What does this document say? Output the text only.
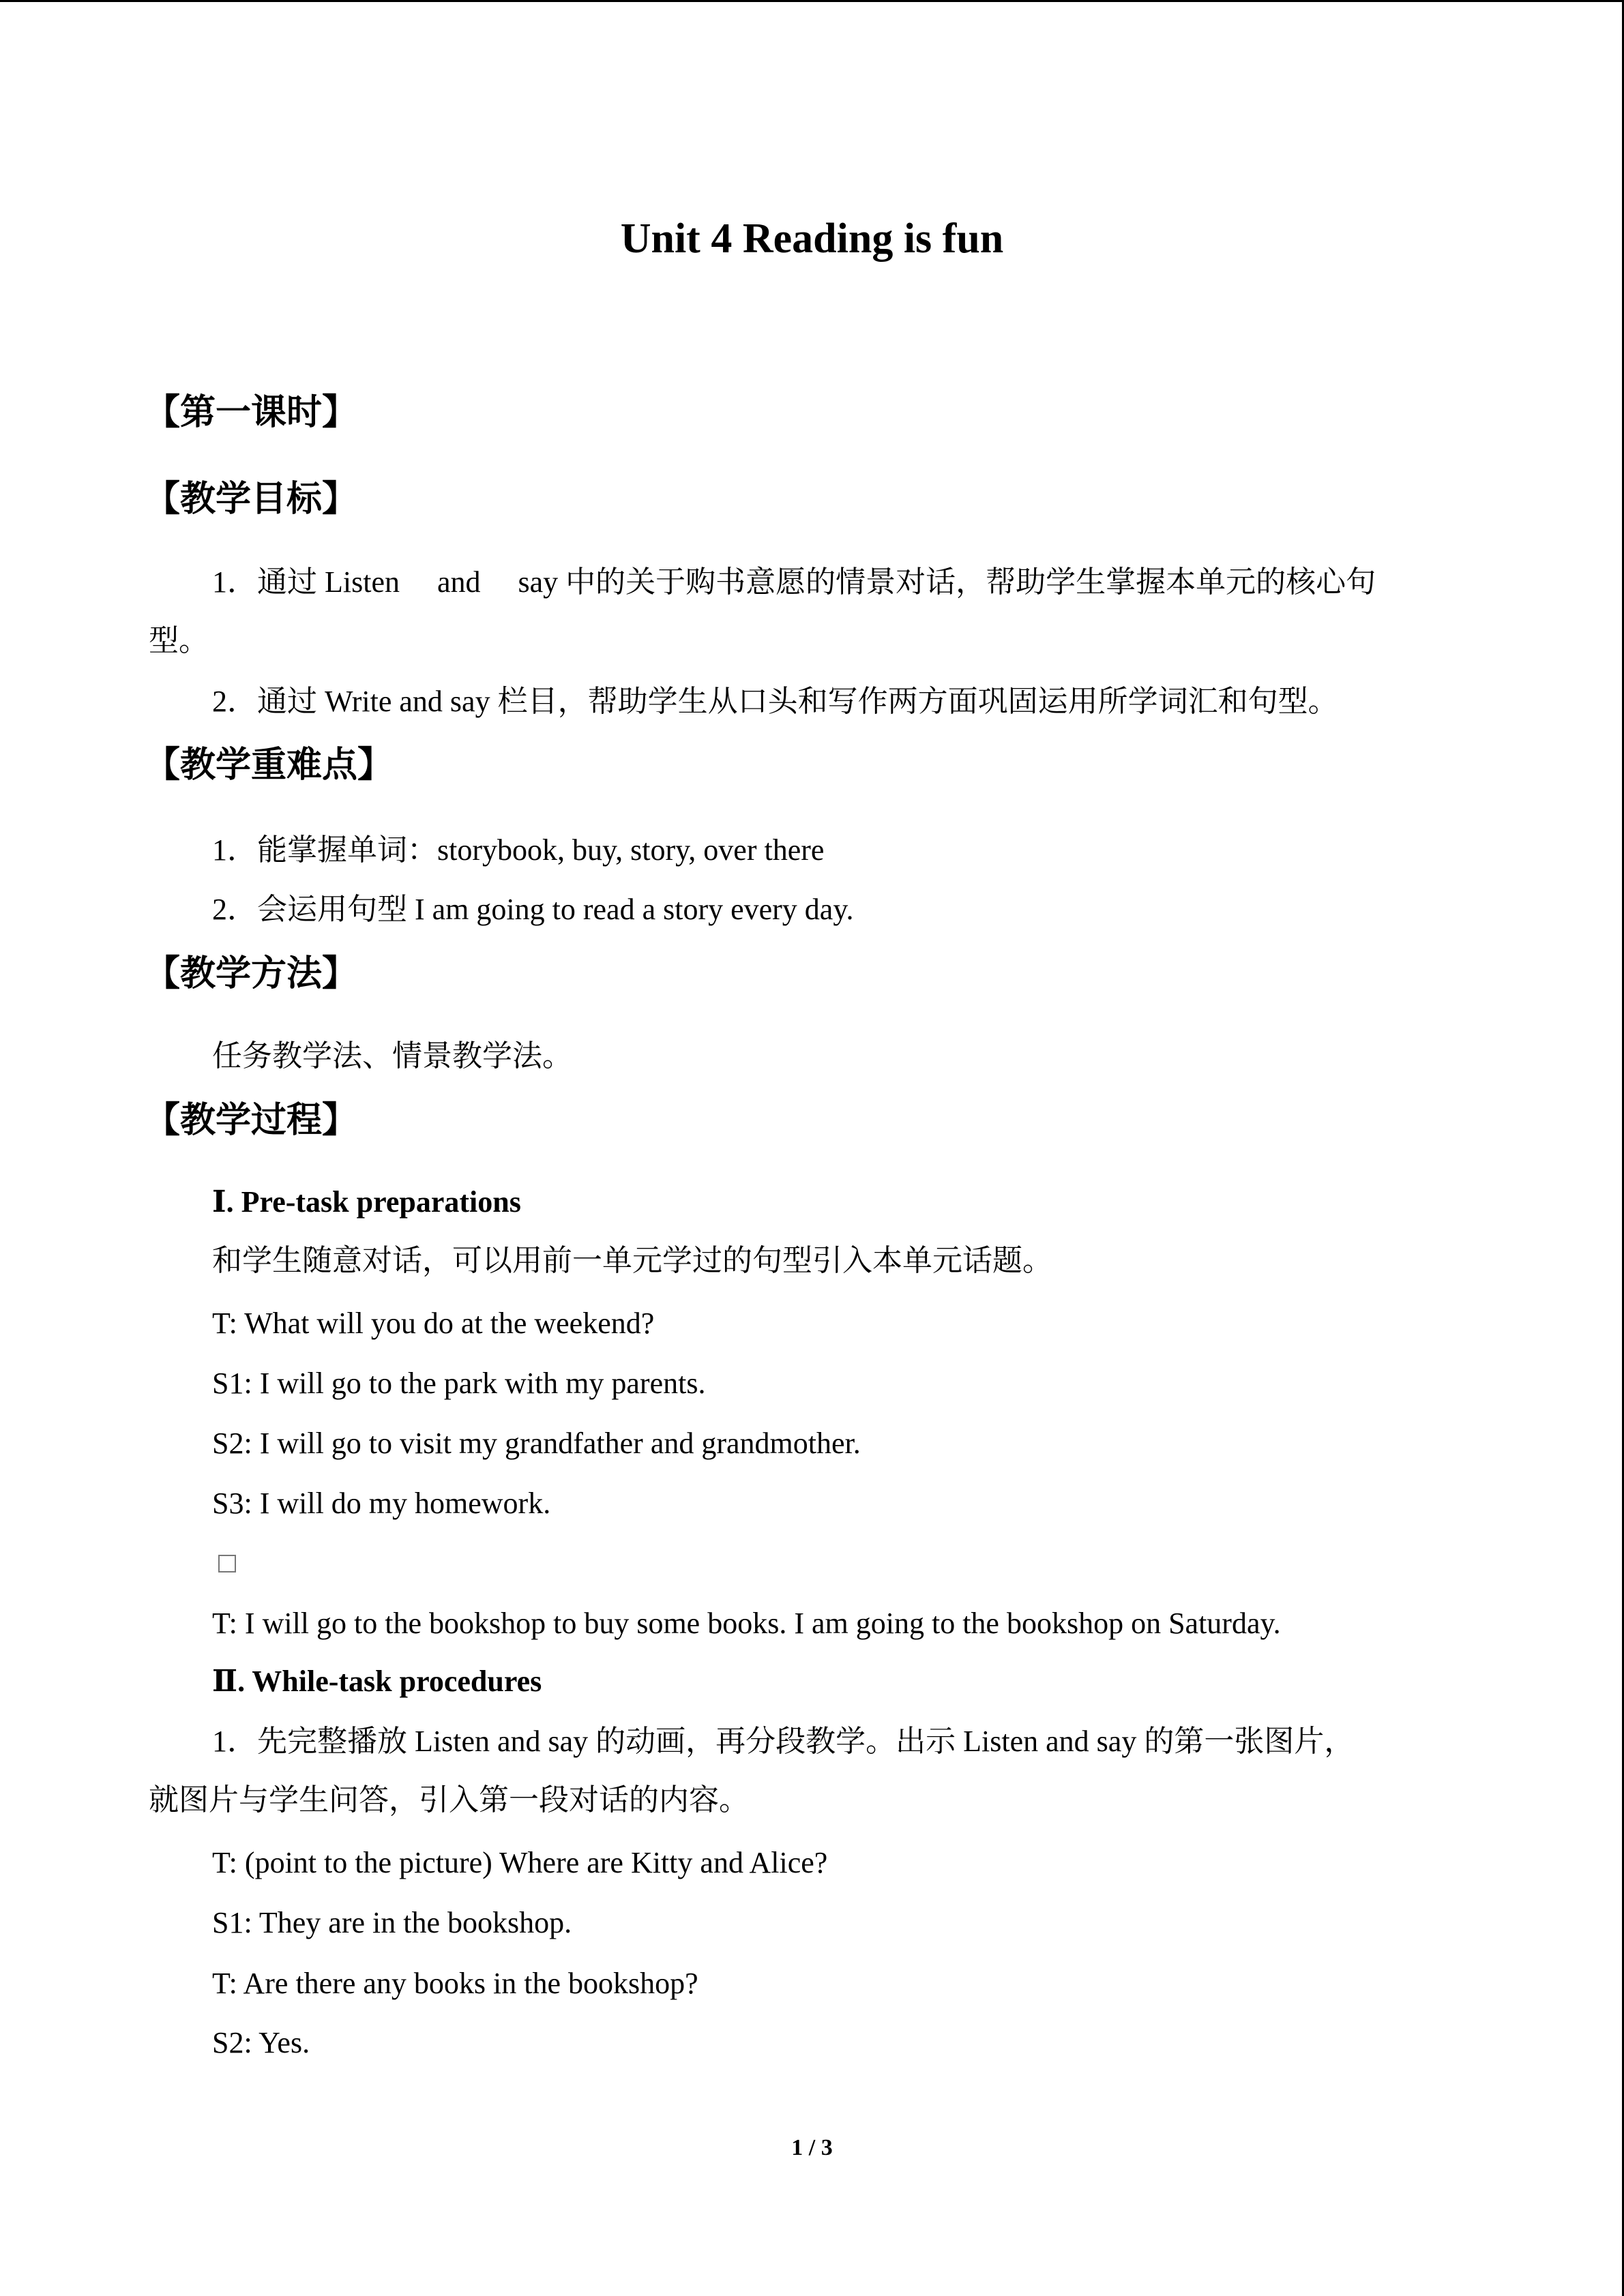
Unit 4 Reading is fun
【第一课时】
【教学目标】
1．通过 Listen　 and　 say 中的关于购书意愿的情景对话，帮助学生掌握本单元的核心句
型。
2．通过 Write and say 栏目，帮助学生从口头和写作两方面巩固运用所学词汇和句型。
【教学重难点】
1．能掌握单词：storybook, buy, story, over there
2．会运用句型 I am going to read a story every day.
【教学方法】
任务教学法、情景教学法。
【教学过程】
Ⅰ. Pre-task preparations
和学生随意对话，可以用前一单元学过的句型引入本单元话题。
T: What will you do at the weekend?
S1: I will go to the park with my parents.
S2: I will go to visit my grandfather and grandmother.
S3: I will do my homework.
T: I will go to the bookshop to buy some books. I am going to the bookshop on Saturday.
Ⅱ. While-task procedures
1．先完整播放 Listen and say 的动画，再分段教学。出示 Listen and say 的第一张图片，
就图片与学生问答，引入第一段对话的内容。
T: (point to the picture) Where are Kitty and Alice?
S1: They are in the bookshop.
T: Are there any books in the bookshop?
S2: Yes.
1 / 3
